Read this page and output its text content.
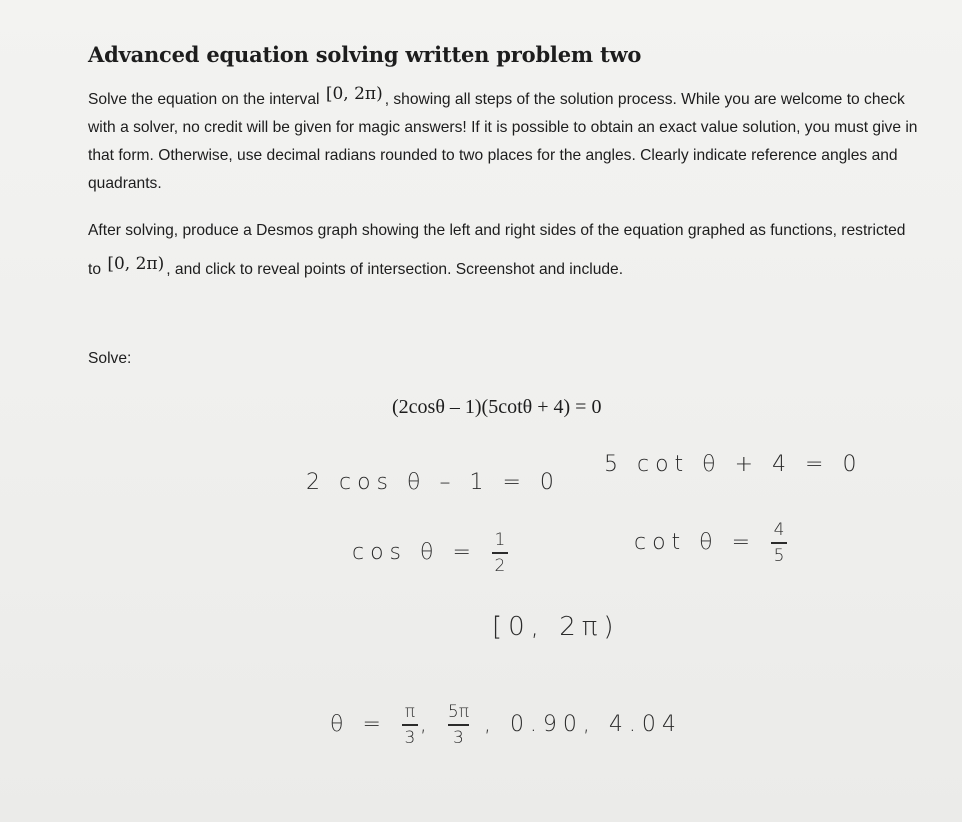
Advanced equation solving written problem two
Solve the equation on the interval [0, 2π) , showing all steps of the solution process. While you are welcome to check with a solver, no credit will be given for magic answers! If it is possible to obtain an exact value solution, you must give in that form. Otherwise, use decimal radians rounded to two places for the angles. Clearly indicate reference angles and quadrants.
After solving, produce a Desmos graph showing the left and right sides of the equation graphed as functions, restricted to [0, 2π) , and click to reveal points of intersection. Screenshot and include.
Solve:
(2cosθ – 1)(5cotθ + 4) = 0
2 cos θ – 1 = 0
5 cot θ + 4 = 0
$\cos \theta = \frac{1}{2}$	$\cot \theta = \frac{4}{5}$
[0, 2π)
$\theta = \frac{\pi}{3}$ , $\frac{5\pi}{3}$ , 0.90, 4.04
